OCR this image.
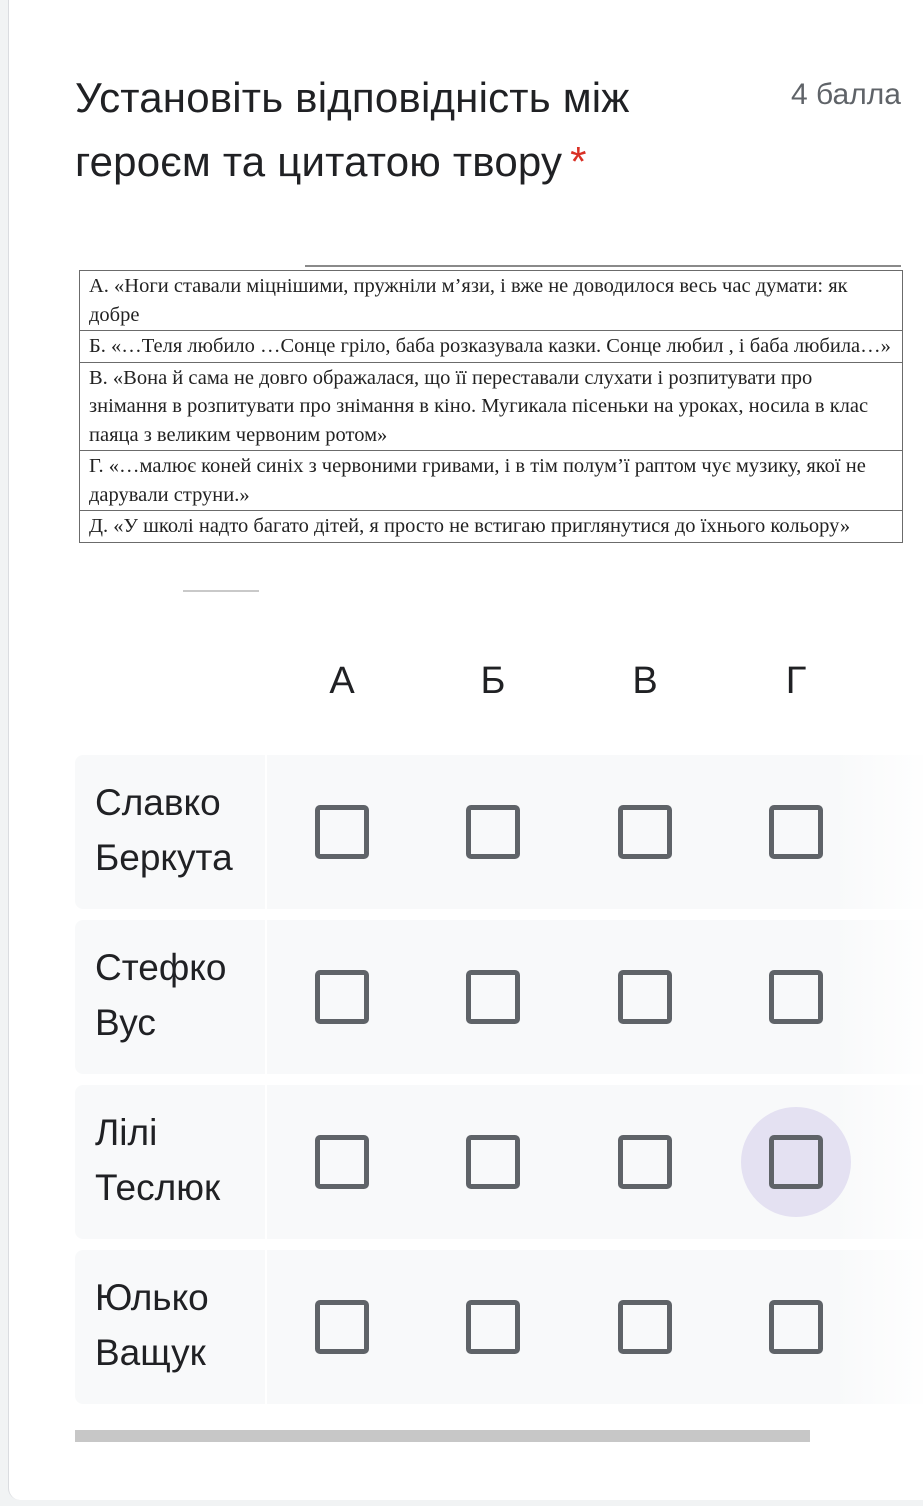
Установіть відповідність між героєм та цитатою твору *
4 балла
А. «Ноги ставали міцнішими, пружніли м’язи, і вже не доводилося весь час думати: як добре
Б. «…Теля любило …Сонце гріло, баба розказувала казки. Сонце любил , і баба любила…»
В. «Вона й сама не довго ображалася, що її переставали слухати і розпитувати про знімання в розпитувати про знімання в кіно. Мугикала пісеньки на уроках, носила в клас паяца з великим червоним ротом»
Г. «…малює коней синіх з червоними гривами, і в тім полум’ї раптом чує музику, якої не дарували струни.»
Д. «У школі надто багато дітей, я просто не встигаю приглянутися до їхнього кольору»
А	Б	В	Г
Славко Беркута
Стефко Вус
Лілі Теслюк
Юлько Ващук
